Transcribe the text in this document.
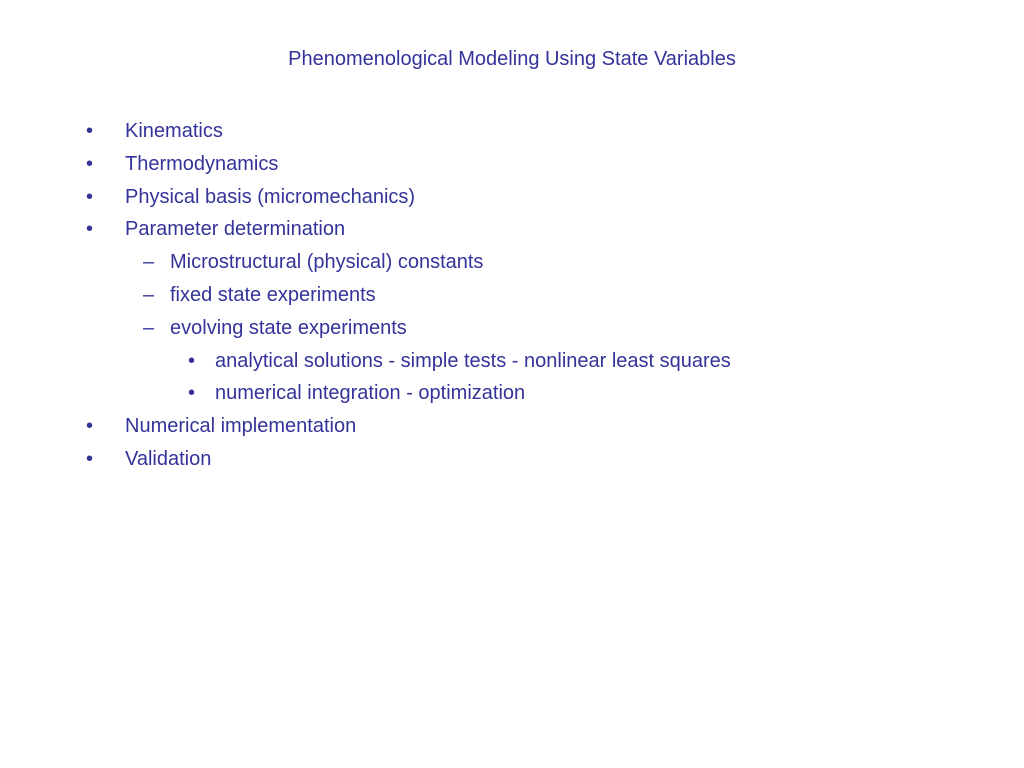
Phenomenological Modeling Using State Variables
• Kinematics
• Thermodynamics
• Physical basis (micromechanics)
• Parameter determination
– Microstructural (physical) constants
– fixed state experiments
– evolving state experiments
• analytical solutions - simple tests - nonlinear least squares
• numerical integration - optimization
• Numerical implementation
• Validation
